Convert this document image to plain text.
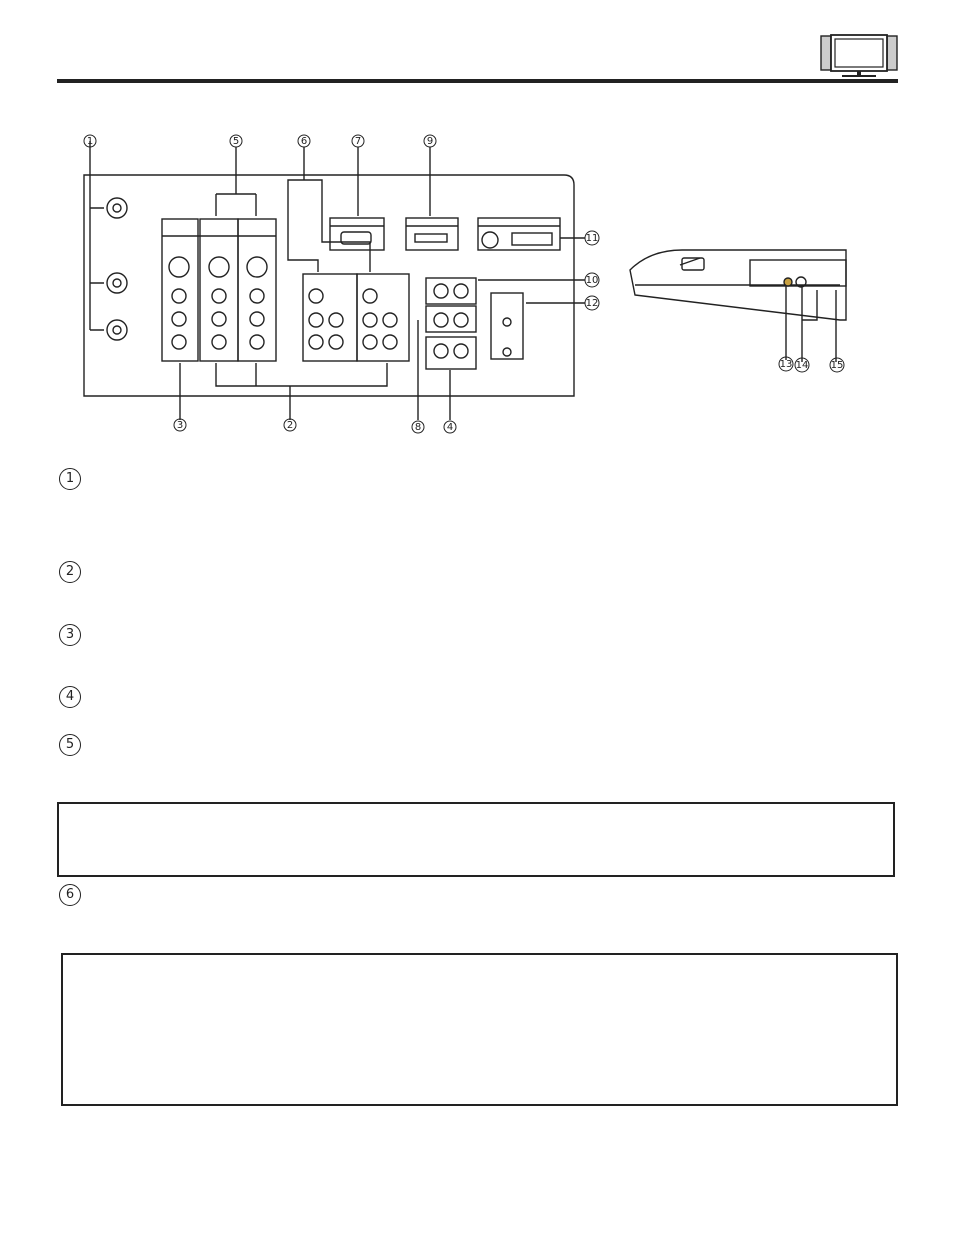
1	5	6	7	9
10
11
12
3	2	8	4
13 14 15
1
2
3
4
5
6
